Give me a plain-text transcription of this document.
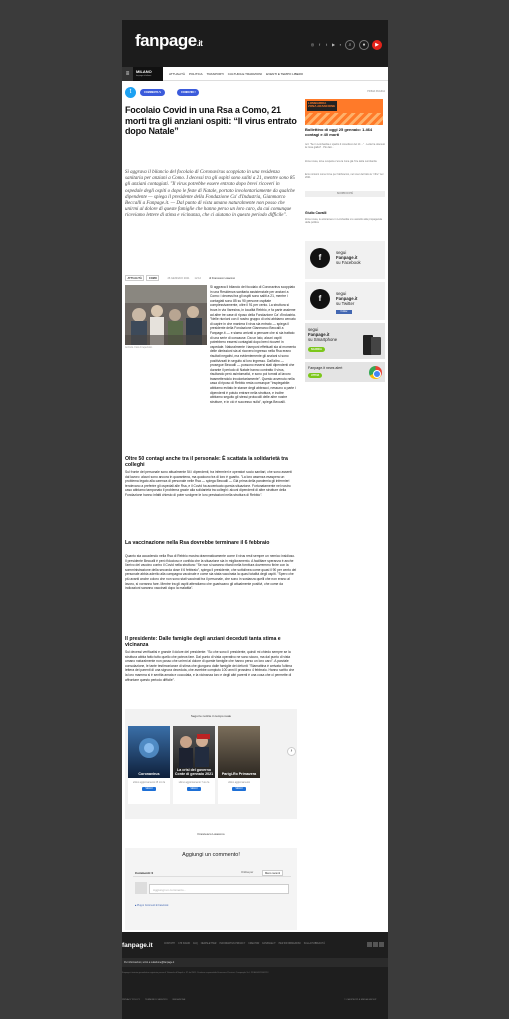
fanpage.it	◎	f	t	▶	▪	⌕	●	▶
≡	MILANO
fanpage.it/milano	ATTUALITÀ POLITICA TRASPORTI CULTURA E TRADIZIONI EVENTI E TEMPO LIBERO
t	COMMENTA ✎	CONDIVIDI f
Focolaio Covid in una Rsa a Como, 21 morti tra gli anziani ospiti: “Il virus entrato dopo Natale”

Si aggrava il bilancio del focolaio di Coronavirus scoppiato in una residenza sanitaria per anziani a Como. I decessi tra gli ospiti sono saliti a 21, mentre sono 85 gli anziani contagiati. "Il virus potrebbe essere entrato dopo brevi ricoveri in ospedale degli ospiti o dopo le feste di Natale, portato involontariamente da qualche dipendente — spiega il presidente della Fondazione Ca' d'Industria, Gianmarco Beccalli a Fanpage.it. — Dal punto di vista umano naturalmente non posso che unirmi al dolore di queste famiglie che hanno perso un loro caro, da cui comunque riceviamo lettere di stima e vicinanza, che ci aiutano in questo periodo difficile".

ATTUALITÀ	COMO	26 GENNAIO 2021 12:12	di Francesco Loiacono
Archivio. Foto di repertorio.

Si aggrava il bilancio del focolaio di Coronavirus scoppiato in una Residenza sanitaria assistenziale per anziani a Como: i decessi tra gli ospiti sono saliti a 21, mentre i contagiati sono 85 su 90 persone ospitate complessivamente, oltre il 91 per cento. La struttura si trova in via Varesina, in località Rebbio, e fa parte assieme ad altre tre case di riposo della Fondazione Ca' d'Industria. "Nelle riunioni con il nostro gruppo di crisi abbiamo cercato di capire in che maniera il virus sia entrato — spiega il presidente della Fondazione Gianmarco Beccalli a Fanpage.it — e siamo arrivati a pensare che si sia trattato di una serie di concause. Da un lato, alcuni ospiti potrebbero essersi contagiati dopo brevi ricoveri in ospedale. Naturalmente i tamponi effettuati sia al momento delle dimissioni sia al ricovero ingresso nella Rsa erano risultati negativi, ma evidentemente gli anziani si sono positivizzati in seguito al loro ingresso. Dall'altro — prosegue Beccalli — possono essersi stati dipendenti che durante il periodo di Natale hanno contratto il virus, risultando però asintomatici, e sono poi tornati al lavoro trasmettendolo involontariamente". Questo avvenuto nella casa di riposo di Rebbio resta comunque "inspiegabile: abbiamo evitato le stanze degli abbracci, nessuno a parte i dipendenti è potuto entrare nella struttura, e inoltre abbiamo seguito gli stessi protocolli delle altre nostre strutture, e in ciò è successo nulla", spiega Beccalli.

Oltre 50 contagi anche tra il personale: È scattata la solidarietà tra colleghi

Sul fronte del personale sono attualmente 54 i dipendenti, tra infermieri e operatori socio sanitari, che sono assenti dal lavoro: alcuni sono ancora in quarantena, ma qualcuno tra di loro è guarito. "La loro assenza esaspera un problema legato alla carenza di personale nelle Rsa — spiega Beccalli — Già prima della pandemia gli infermieri tendevano a preferire gli ospedali alle Rsa, e il Covid ha accentuato questa situazione. Fortunatamente nel nostro caso abbiamo tamponato il problema grazie alla solidarietà tra colleghi: alcuni dipendenti di altre strutture della Fondazione hanno infatti chiesto di poter svolgere le loro prestazioni nella struttura di Rebbio".

La vaccinazione nella Rsa dovrebbe terminare il 6 febbraio

Quanto sta accadendo nella Rsa di Rebbio mostra drammaticamente come il virus resti sempre un nemico insidioso. Il presidente Beccalli è però fiducioso e confida che la situazione sia in miglioramento. A facilitare speranza è anche l'arrivo del vaccino contro il Covid nella struttura: "Se non si saranno ritardi nella fornitura dovremmo finire con la somministrazione della seconda dose il 6 febbraio", spiega il presidente, che sottolinea come quasi il 90 per cento del personale abbia aderito alla campagna vaccinale e come sia stata vaccinata la quasi totalità degli ospiti. "Spero che più avanti anche coloro che non sono stati vaccinati tra il personale, che sono in sostanza quelli che non erano al lavoro, si vorranno fare. Mentre tra gli ospiti attendiamo che guariscano gli attualmente positivi, che come da indicazioni saranno vaccinati dopo la malattia".

Il presidente: Dalle famiglie degli anziani deceduti tanta stima e vicinanza

Sui decessi verificatisi e grande il dolore del presidente: "So che sono il presidente, quindi mi chiedo sempre se la struttura abbia fatto tutto quello che poteva fare. Dal punto di vista operativo ne sono sicuro, ma dal punto di vista umano naturalmente non posso che unirmi al dolore di queste famiglie che hanno perso un loro caro". A parziale consolazione, le tante testimonianze di stima che giungono dalle famiglie dei defunti: "Stamattina è arrivata l'ultima lettera dei parenti di una signora deceduta, che avrebbe compiuto 100 anni il prossimo 4 febbraio. Hanno scritto che la loro mamma si è sentita amata e coccolata, e la vicinanza loro e degli altri parenti è una cosa che ci permette di affrontare questo periodo difficile".

Segui le notizie in tempo reale
Coronavirus
ultimo aggiornamento 25 min fa
SEGUI
La crisi del governo Conte di gennaio 2021
ultimo aggiornamento 7 ore fa
SEGUI
Parigi-Ro Primavera
ultimo aggiornamento
SEGUI
›
Francesco Loiacono
Aggiungi un commento!
Commenti: 0	Ordina per	Meno recenti
Aggiungi un commento...
■ Plug-in Commenti di Facebook
PRIMA PAGINA
LOMBARDIA
ZONA ARANCIONE
Bollettino di oggi 25 gennaio: 1.464 contagi e 40 morti
Ieri: "Se in Lombardia è sparito il rossolisco del 14 ..." · Letta ha ottenuto la zona gialla? · Più dati...
Zona rossa, dove sospetta c'era la zona già l'Ue della Lombardia
Ecco sintomi come forse per l'abbraccio, nel viver del fatto le "cifre" nel 2021
SCOPRI DI PIÙ
Giulio Cavalli
Zona rossa, le anticamere in Lombardia si è assistito alla propaganda della politica
f
segui
Fanpage.it
su Facebook
f
segui
Fanpage.it
su Twitter
Follow
segui
Fanpage.it
su Smartphone
SCARICA
Fanpage.it news alert
ATTIVA
fanpage.it	CONTATTI CHI SIAMO FAQ NEWSLETTER INFORMATIVA PRIVACY CREATOR FANPAGE.IT PER INFORMAZIONI SULLA PUBBLICITÀ
Per informazioni, scrivi a redazione@fanpage.it
Fanpage.it testata giornalistica registrata presso il Tribunale di Napoli n. 37 del 2011. Direttore responsabile Francesco Piccinini. Ciaopeople S.r.l. P.IVA 04922641212.
PRIVACY POLICY TERMINI DI SERVIZIO REDAZIONE	© CIAOPEOPLE MEDIA GROUP
